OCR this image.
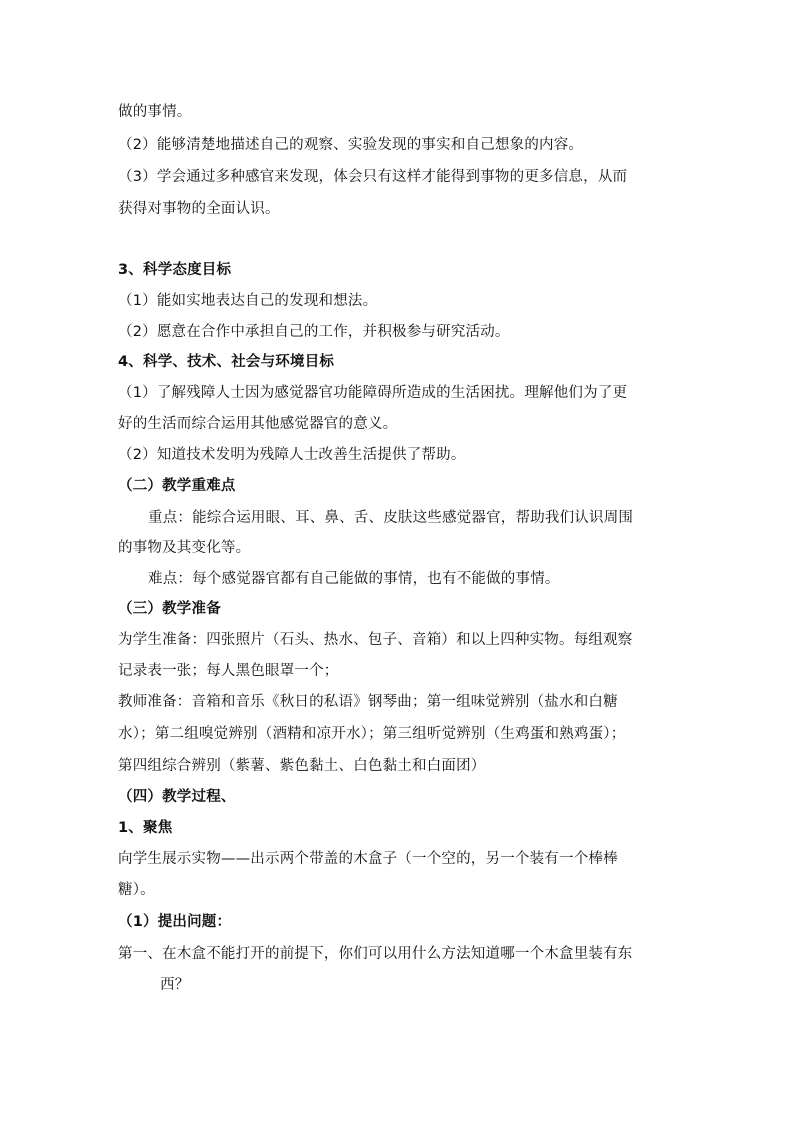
做的事情。
（2）能够清楚地描述自己的观察、实验发现的事实和自己想象的内容。
（3）学会通过多种感官来发现，体会只有这样才能得到事物的更多信息，从而
获得对事物的全面认识。
3、科学态度目标
（1）能如实地表达自己的发现和想法。
（2）愿意在合作中承担自己的工作，并积极参与研究活动。
4、科学、技术、社会与环境目标
（1）了解残障人士因为感觉器官功能障碍所造成的生活困扰。理解他们为了更
好的生活而综合运用其他感觉器官的意义。
（2）知道技术发明为残障人士改善生活提供了帮助。
（二）教学重难点
重点：能综合运用眼、耳、鼻、舌、皮肤这些感觉器官，帮助我们认识周围
的事物及其变化等。
难点：每个感觉器官都有自己能做的事情，也有不能做的事情。
（三）教学准备
为学生准备：四张照片（石头、热水、包子、音箱）和以上四种实物。每组观察
记录表一张；每人黑色眼罩一个；
教师准备：音箱和音乐《秋日的私语》钢琴曲；第一组味觉辨别（盐水和白糖
水）；第二组嗅觉辨别（酒精和凉开水）；第三组听觉辨别（生鸡蛋和熟鸡蛋）；
第四组综合辨别（紫薯、紫色黏土、白色黏土和白面团）
（四）教学过程、
1、聚焦
向学生展示实物——出示两个带盖的木盒子（一个空的，另一个装有一个棒棒
糖）。
（1）提出问题：
第一、在木盒不能打开的前提下，你们可以用什么方法知道哪一个木盒里装有东
西？
